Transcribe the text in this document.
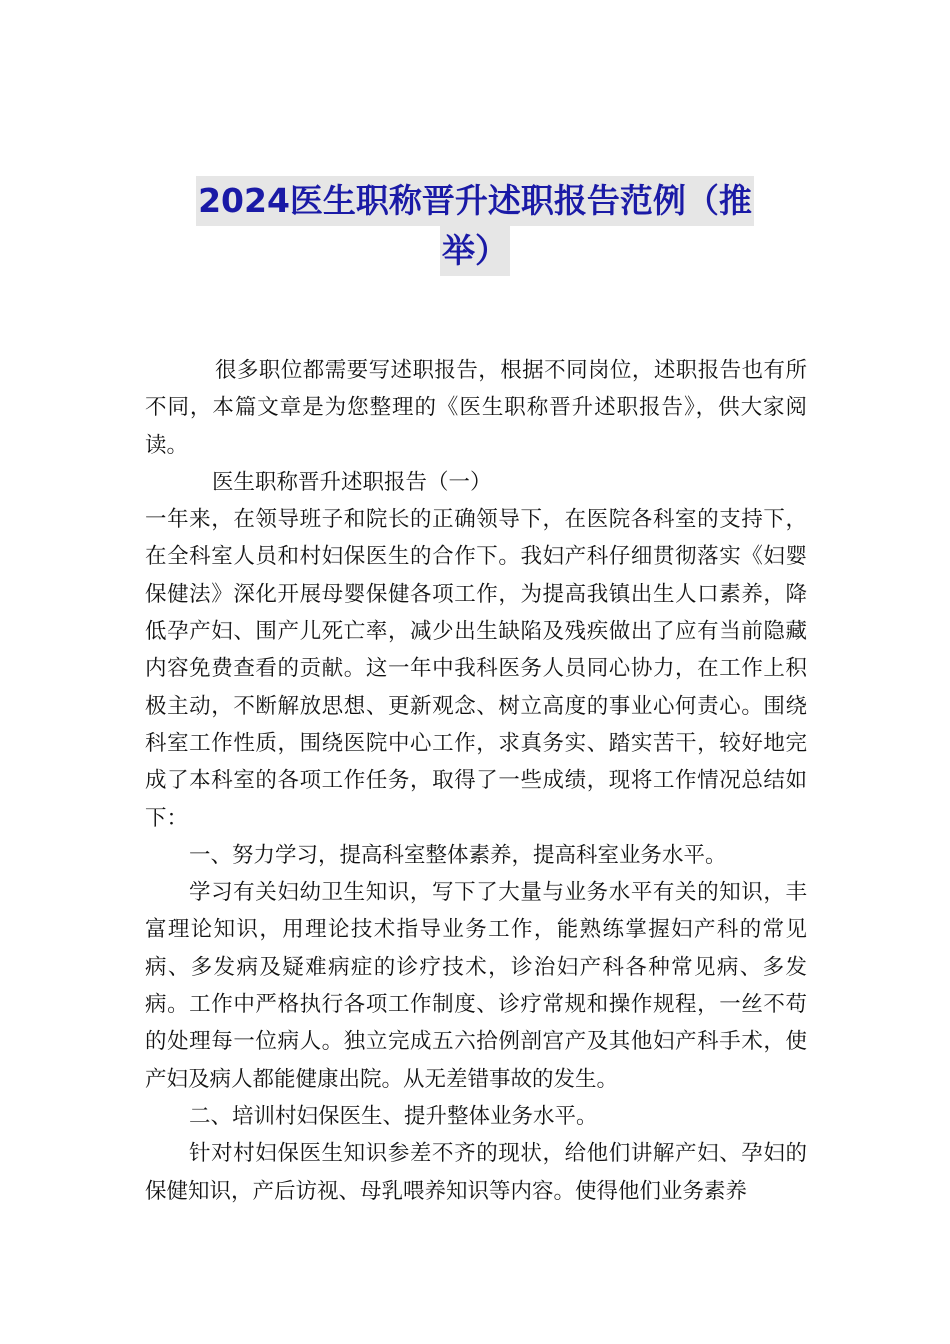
2024医生职称晋升述职报告范例（推
举）

很多职位都需要写述职报告，根据不同岗位，述职报告也有所不同，本篇文章是为您整理的《医生职称晋升述职报告》，供大家阅读。

医生职称晋升述职报告（一）

一年来，在领导班子和院长的正确领导下，在医院各科室的支持下，在全科室人员和村妇保医生的合作下。我妇产科仔细贯彻落实《妇婴保健法》深化开展母婴保健各项工作，为提高我镇出生人口素养，降低孕产妇、围产儿死亡率，减少出生缺陷及残疾做出了应有当前隐藏内容免费查看的贡献。这一年中我科医务人员同心协力，在工作上积极主动，不断解放思想、更新观念、树立高度的事业心何责心。围绕科室工作性质，围绕医院中心工作，求真务实、踏实苦干，较好地完成了本科室的各项工作任务，取得了一些成绩，现将工作情况总结如下：

一、努力学习，提高科室整体素养，提高科室业务水平。

学习有关妇幼卫生知识，写下了大量与业务水平有关的知识，丰富理论知识，用理论技术指导业务工作，能熟练掌握妇产科的常见病、多发病及疑难病症的诊疗技术，诊治妇产科各种常见病、多发病。工作中严格执行各项工作制度、诊疗常规和操作规程，一丝不苟的处理每一位病人。独立完成五六拾例剖宫产及其他妇产科手术，使产妇及病人都能健康出院。从无差错事故的发生。

二、培训村妇保医生、提升整体业务水平。

针对村妇保医生知识参差不齐的现状，给他们讲解产妇、孕妇的保健知识，产后访视、母乳喂养知识等内容。使得他们业务素养
